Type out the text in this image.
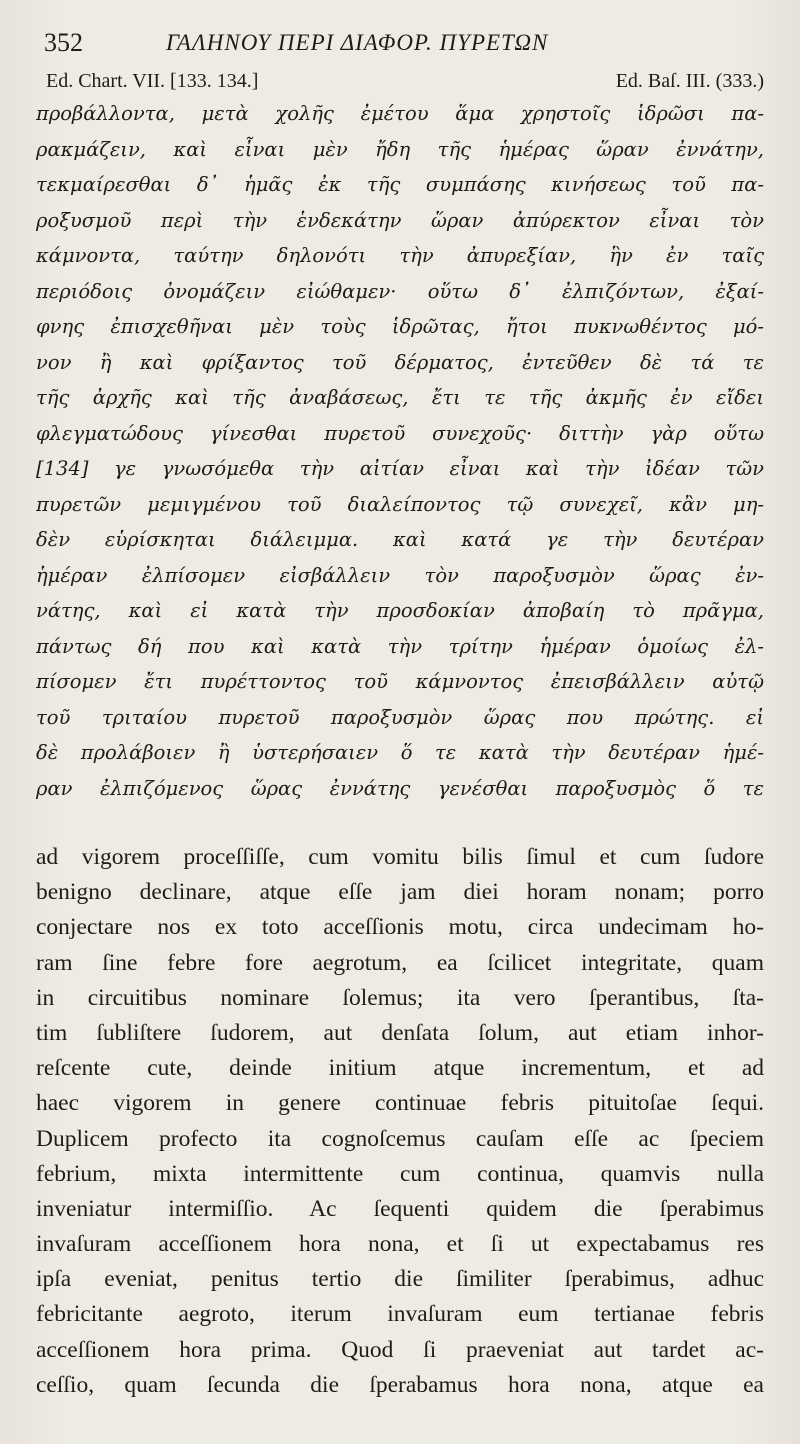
352	ΓΑΛΗΝΟΥ ΠΕΡΙ ΔΙΑΦΟΡ. ΠΥΡΕΤΩΝ
Ed. Chart. VII. [133. 134.]	Ed. Baſ. III. (333.)
προβάλλοντα, μετὰ χολῆς ἐμέτου ἅμα χρηστοῖς ἱδρῶσι πα-
ρακμάζειν, καὶ εἶναι μὲν ἤδη τῆς ἡμέρας ὥραν ἐννάτην,
τεκμαίρεσθαι δ᾽ ἡμᾶς ἐκ τῆς συμπάσης κινήσεως τοῦ πα-
ροξυσμοῦ περὶ τὴν ἑνδεκάτην ὥραν ἀπύρεκτον εἶναι τὸν
κάμνοντα, ταύτην δηλονότι τὴν ἀπυρεξίαν, ἣν ἐν ταῖς
περιόδοις ὀνομάζειν εἰώθαμεν· οὕτω δ᾽ ἐλπιζόντων, ἐξαί-
φνης ἐπισχεθῆναι μὲν τοὺς ἱδρῶτας, ἤτοι πυκνωθέντος μό-
νον ἢ καὶ φρίξαντος τοῦ δέρματος, ἐντεῦθεν δὲ τά τε
τῆς ἀρχῆς καὶ τῆς ἀναβάσεως, ἔτι τε τῆς ἀκμῆς ἐν εἴδει
φλεγματώδους γίνεσθαι πυρετοῦ συνεχοῦς· διττὴν γὰρ οὕτω
[134] γε γνωσόμεθα τὴν αἰτίαν εἶναι καὶ τὴν ἰδέαν τῶν
πυρετῶν μεμιγμένου τοῦ διαλείποντος τῷ συνεχεῖ, κἂν μη-
δὲν εὑρίσκηται διάλειμμα. καὶ κατά γε τὴν δευτέραν
ἡμέραν ἐλπίσομεν εἰσβάλλειν τὸν παροξυσμὸν ὥρας ἐν-
νάτης, καὶ εἰ κατὰ τὴν προσδοκίαν ἀποβαίη τὸ πρᾶγμα,
πάντως δή που καὶ κατὰ τὴν τρίτην ἡμέραν ὁμοίως ἐλ-
πίσομεν ἔτι πυρέττοντος τοῦ κάμνοντος ἐπεισβάλλειν αὐτῷ
τοῦ τριταίου πυρετοῦ παροξυσμὸν ὥρας που πρώτης. εἰ
δὲ προλάβοιεν ἢ ὑστερήσαιεν ὅ τε κατὰ τὴν δευτέραν ἡμέ-
ραν ἐλπιζόμενος ὥρας ἐννάτης γενέσθαι παροξυσμὸς ὅ τε
ad vigorem proceſſiſſe, cum vomitu bilis ſimul et cum ſudore
benigno declinare, atque eſſe jam diei horam nonam; porro
conjectare nos ex toto acceſſionis motu, circa undecimam ho-
ram ſine febre fore aegrotum, ea ſcilicet integritate, quam
in circuitibus nominare ſolemus; ita vero ſperantibus, ſta-
tim ſubliſtere ſudorem, aut denſata ſolum, aut etiam inhor-
reſcente cute, deinde initium atque incrementum, et ad
haec vigorem in genere continuae febris pituitoſae ſequi.
Duplicem profecto ita cognoſcemus cauſam eſſe ac ſpeciem
febrium, mixta intermittente cum continua, quamvis nulla
inveniatur intermiſſio. Ac ſequenti quidem die ſperabimus
invaſuram acceſſionem hora nona, et ſi ut expectabamus res
ipſa eveniat, penitus tertio die ſimiliter ſperabimus, adhuc
febricitante aegroto, iterum invaſuram eum tertianae febris
acceſſionem hora prima. Quod ſi praeveniat aut tardet ac-
ceſſio, quam ſecunda die ſperabamus hora nona, atque ea
